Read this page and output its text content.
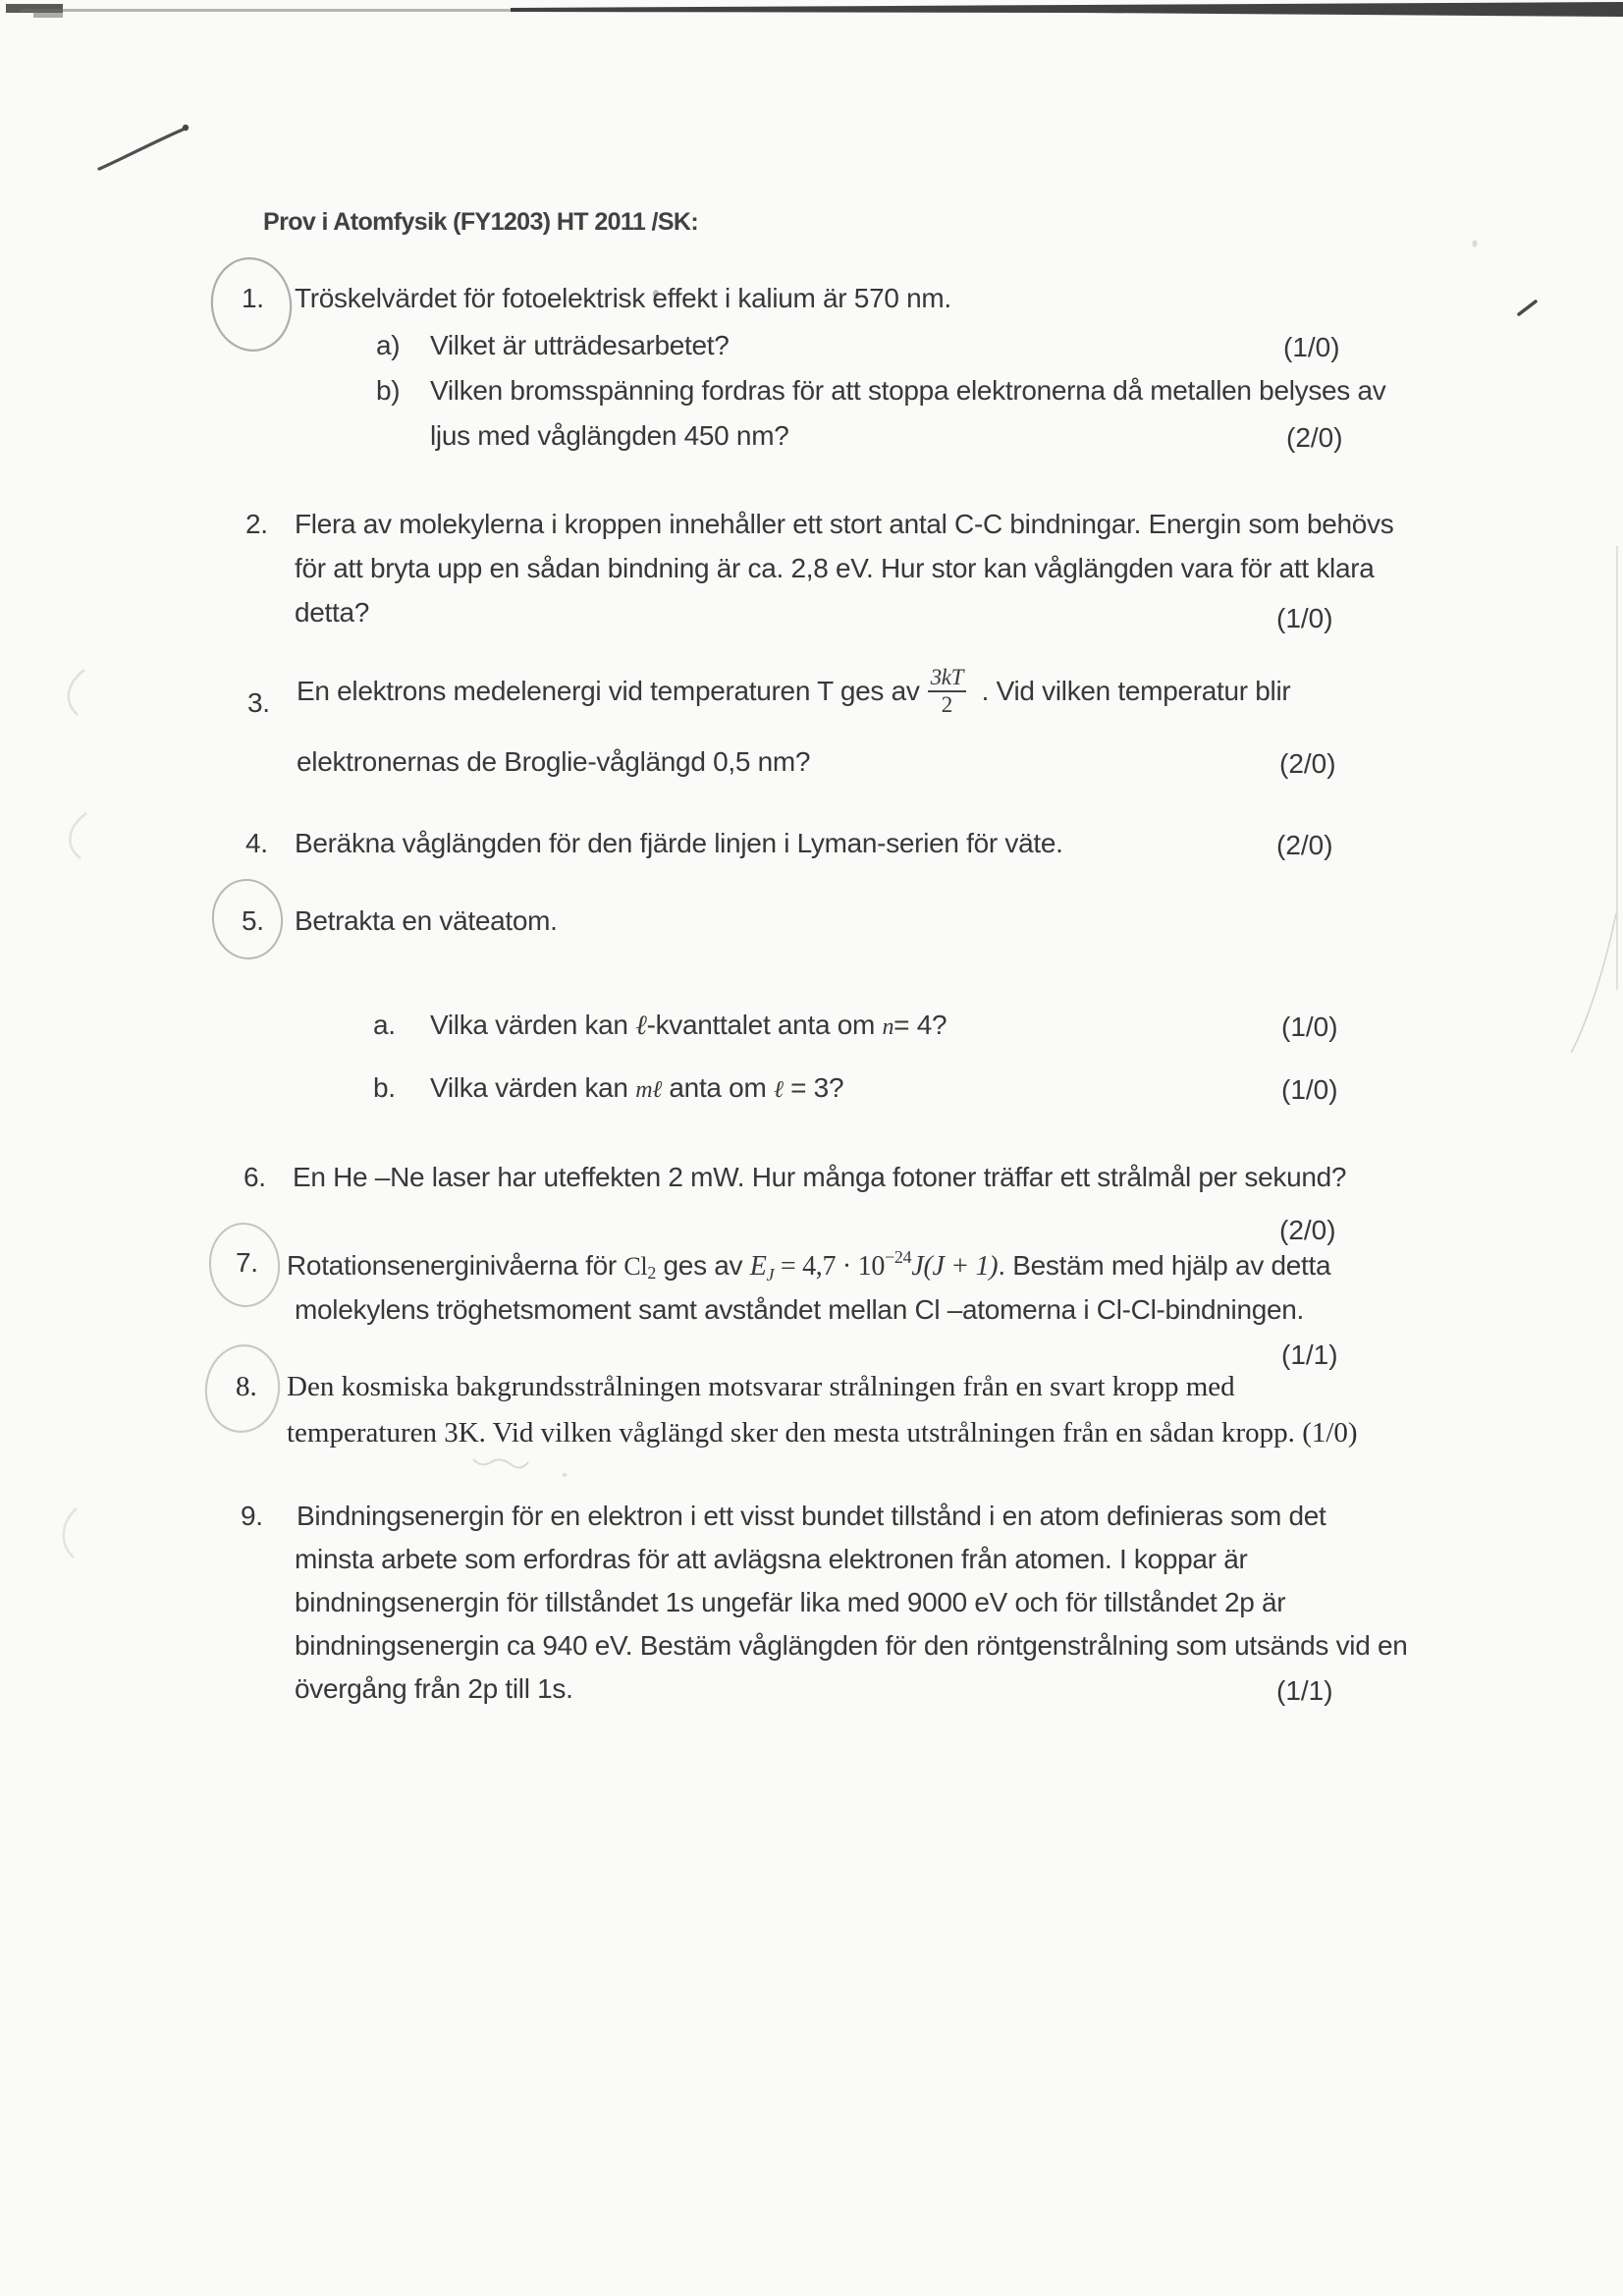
Prov i Atomfysik (FY1203) HT 2011 /SK:
1. Tröskelvärdet för fotoelektrisk effekt i kalium är 570 nm.
a) Vilket är utträdesarbetet?	(1/0)
b) Vilken bromsspänning fordras för att stoppa elektronerna då metallen belyses av
ljus med våglängden 450 nm?	(2/0)
2. Flera av molekylerna i kroppen innehåller ett stort antal C-C bindningar. Energin som behövs
för att bryta upp en sådan bindning är ca. 2,8 eV. Hur stor kan våglängden vara för att klara
detta?	(1/0)
3. En elektrons medelenergi vid temperaturen T ges av $\frac{3kT}{2}$ . Vid vilken temperatur blir
elektronernas de Broglie-våglängd 0,5 nm?	(2/0)
4. Beräkna våglängden för den fjärde linjen i Lyman-serien för väte.	(2/0)
5. Betrakta en väteatom.
a. Vilka värden kan ℓ-kvanttalet anta om n= 4?	(1/0)
b. Vilka värden kan mℓ anta om ℓ = 3?	(1/0)
6. En He –Ne laser har uteffekten 2 mW. Hur många fotoner träffar ett strålmål per sekund?
(2/0)
7. Rotationsenerginivåerna för $Cl_2$ ges av $E_J = 4,7 \cdot 10^{-24}J(J + 1)$. Bestäm med hjälp av detta
molekylens tröghetsmoment samt avståndet mellan Cl –atomerna i Cl-Cl-bindningen.
(1/1)
8. Den kosmiska bakgrundsstrålningen motsvarar strålningen från en svart kropp med
temperaturen 3K. Vid vilken våglängd sker den mesta utstrålningen från en sådan kropp. (1/0)
9. Bindningsenergin för en elektron i ett visst bundet tillstånd i en atom definieras som det
minsta arbete som erfordras för att avlägsna elektronen från atomen. I koppar är
bindningsenergin för tillståndet 1s ungefär lika med 9000 eV och för tillståndet 2p är
bindningsenergin ca 940 eV. Bestäm våglängden för den röntgenstrålning som utsänds vid en
övergång från 2p till 1s.	(1/1)
